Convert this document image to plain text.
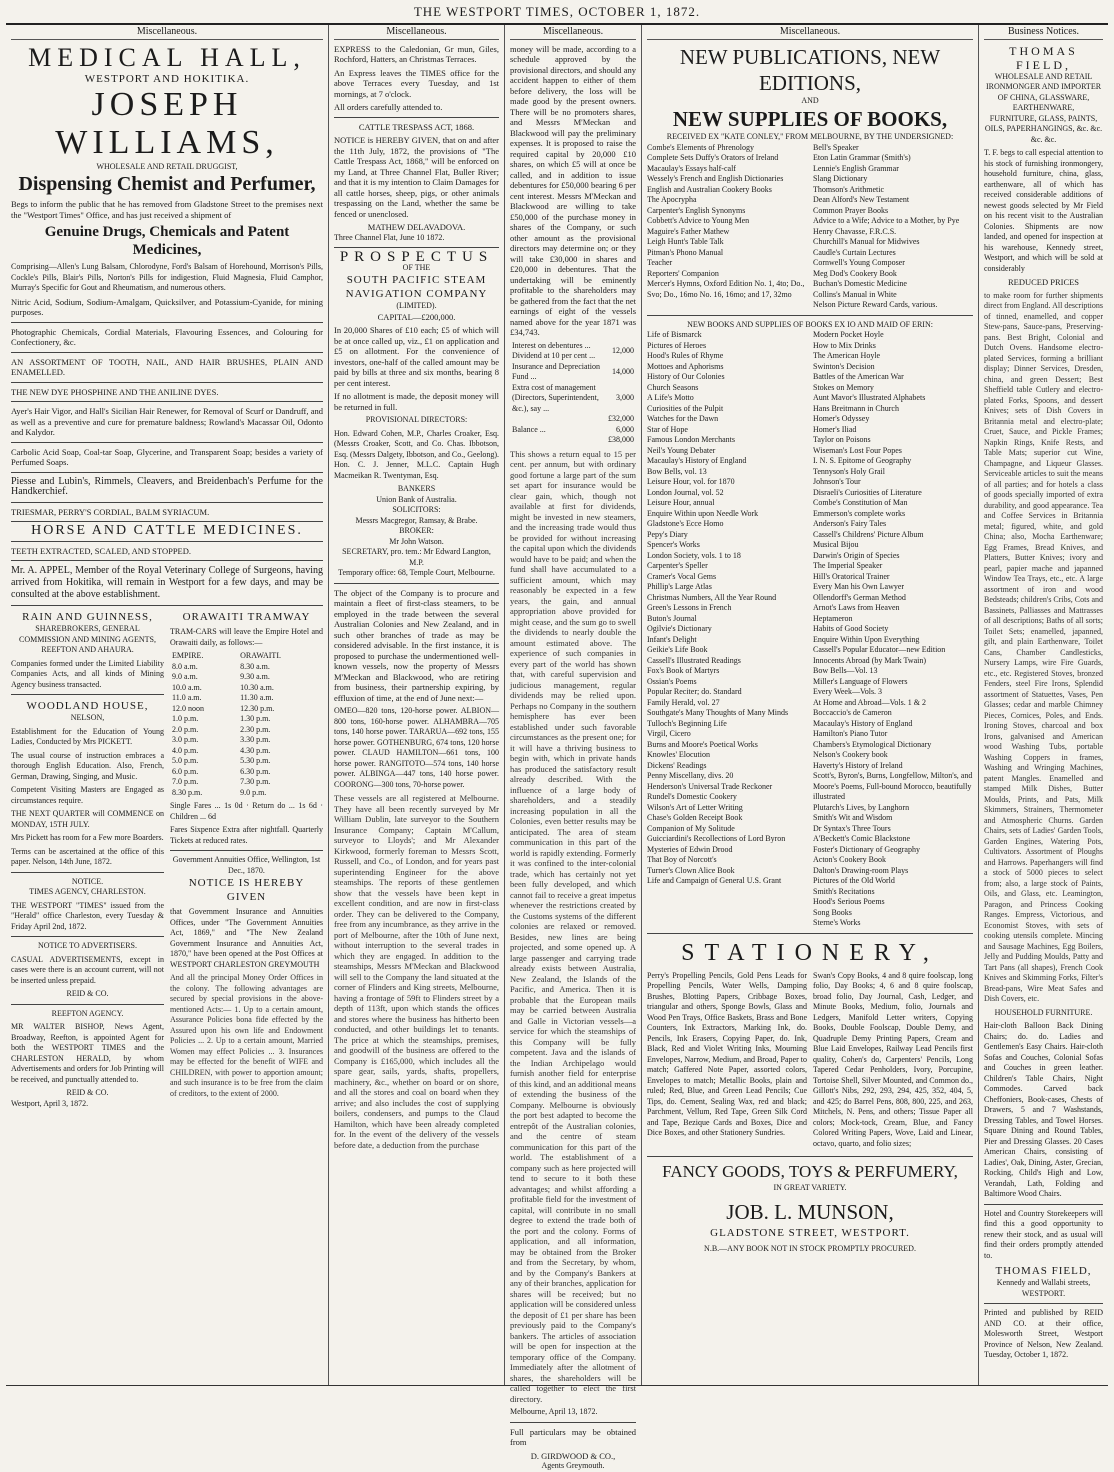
THE WESTPORT TIMES, OCTOBER 1, 1872.
Miscellaneous.
MEDICAL HALL,
WESTPORT AND HOKITIKA.
JOSEPH WILLIAMS,
WHOLESALE AND RETAIL DRUGGIST,
Dispensing Chemist and Perfumer,
Begs to inform the public that he has removed from Gladstone Street to the premises next the "Westport Times" Office, and has just received a shipment of
Genuine Drugs, Chemicals and Patent Medicines,
Comprising—Allen's Lung Balsam, Chlorodyne, Ford's Balsam of Horehound, Morrison's Pills, Cockle's Pills, Blair's Pills, Norton's Pills for indigestion, Fluid Magnesia, Fluid Camphor, Murray's Specific for Gout and Rheumatism, and numerous others.
Nitric Acid, Sodium, Sodium-Amalgam, Quicksilver, and Potassium-Cyanide, for mining purposes.
Photographic Chemicals, Cordial Materials, Flavouring Essences, and Colouring for Confectionery, &c.
AN ASSORTMENT OF TOOTH, NAIL, AND HAIR BRUSHES, PLAIN AND ENAMELLED.
THE NEW DYE PHOSPHINE AND THE ANILINE DYES.
Ayer's Hair Vigor, and Hall's Sicilian Hair Renewer, for Removal of Scurf or Dandruff, and as well as a preventive and cure for premature baldness; Rowland's Macassar Oil, Odonto and Kalydor.
Carbolic Acid Soap, Coal-tar Soap, Glycerine, and Transparent Soap; besides a variety of Perfumed Soaps.
Piesse and Lubin's, Rimmels, Cleavers, and Breidenbach's Perfume for the Handkerchief.
TRIESMAR, PERRY'S CORDIAL, BALM SYRIACUM.
HORSE AND CATTLE MEDICINES.
TEETH EXTRACTED, SCALED, AND STOPPED.
Mr. A. APPEL, Member of the Royal Veterinary College of Surgeons, having arrived from Hokitika, will remain in Westport for a few days, and may be consulted at the above establishment.
RAIN AND GUINNESS,
SHAREBROKERS, GENERAL COMMISSION AND MINING AGENTS,
REEFTON AND AHAURA.
Companies formed under the Limited Liability Companies Acts, and all kinds of Mining Agency business transacted.
WOODLAND HOUSE,
NELSON,
Establishment for the Education of Young Ladies, Conducted by Mrs PICKETT.
The usual course of instruction embraces a thorough English Education. Also, French, German, Drawing, Singing, and Music.
Competent Visiting Masters are Engaged as circumstances require.
THE NEXT QUARTER will COMMENCE on MONDAY, 15TH JULY.
Mrs Pickett has room for a Few more Boarders.
Terms can be ascertained at the office of this paper. Nelson, 14th June, 1872.
NOTICE.
TIMES AGENCY, CHARLESTON.
THE WESTPORT "TIMES" issued from the "Herald" office Charleston, every Tuesday & Friday April 2nd, 1872.
NOTICE TO ADVERTISERS.
CASUAL ADVERTISEMENTS, except in cases were there is an account current, will not be inserted unless prepaid.
REID & CO.
REEFTON AGENCY.
MR WALTER BISHOP, News Agent, Broadway, Reefton, is appointed Agent for both the WESTPORT TIMES and the CHARLESTON HERALD, by whom Advertisements and orders for Job Printing will be received, and punctually attended to.
REID & CO.
Westport, April 3, 1872.
ORAWAITI TRAMWAY
TRAM-CARS will leave the Empire Hotel and Orawaiti daily, as follows:—
EMPIRE.	ORAWAITI.
8.0 a.m.	8.30 a.m.
9.0 a.m.	9.30 a.m.
10.0 a.m.	10.30 a.m.
11.0 a.m.	11.30 a.m.
12.0 noon	12.30 p.m.
1.0 p.m.	1.30 p.m.
2.0 p.m.	2.30 p.m.
3.0 p.m.	3.30 p.m.
4.0 p.m.	4.30 p.m.
5.0 p.m.	5.30 p.m.
6.0 p.m.	6.30 p.m.
7.0 p.m.	7.30 p.m.
8.30 p.m.	9.0 p.m.
Single Fares ... 1s 0d · Return do ... 1s 6d · Children ... 6d
Fares Sixpence Extra after nightfall. Quarterly Tickets at reduced rates.
Government Annuities Office, Wellington, 1st Dec., 1870.
NOTICE IS HEREBY GIVEN
that Government Insurance and Annuities Offices, under "The Government Annuities Act, 1869," and "The New Zealand Government Insurance and Annuities Act, 1870," have been opened at the Post Offices at WESTPORT CHARLESTON GREYMOUTH
And all the principal Money Order Offices in the colony. The following advantages are secured by special provisions in the above-mentioned Acts:— 1. Up to a certain amount, Assurance Policies bona fide effected by the Assured upon his own life and Endowment Policies ... 2. Up to a certain amount, Married Women may effect Policies ... 3. Insurances may be effected for the benefit of WIFE and CHILDREN, with power to apportion amount; and such insurance is to be free from the claim of creditors, to the extent of 2000.
Miscellaneous.
EXPRESS to the Caledonian, Gr mun, Giles, Rochford, Hatters, an Christmas Terraces.
An Express leaves the TIMES office for the above Terraces every Tuesday, and 1st mornings, at 7 o'clock.
All orders carefully attended to.
CATTLE TRESPASS ACT, 1868.
NOTICE is HEREBY GIVEN, that on and after the 11th July, 1872, the provisions of "The Cattle Trespass Act, 1868," will be enforced on my Land, at Three Channel Flat, Buller River; and that it is my intention to Claim Damages for all cattle horses, sheep, pigs, or other animals trespassing on the Land, whether the same be fenced or unenclosed.
MATHEW DELAVADOVA.
Three Channel Flat, June 10 1872.
PROSPECTUS
OF THE
SOUTH PACIFIC STEAM NAVIGATION COMPANY
(LIMITED).
CAPITAL—£200,000.
In 20,000 Shares of £10 each; £5 of which will be at once called up, viz., £1 on application and £5 on allotment. For the convenience of investors, one-half of the called amount may be paid by bills at three and six months, bearing 8 per cent interest.
If no allotment is made, the deposit money will be returned in full.
PROVISIONAL DIRECTORS:
Hon. Edward Cohen, M.P., Charles Croaker, Esq. (Messrs Croaker, Scott, and Co. Chas. Ibbotson, Esq. (Messrs Dalgety, Ibbotson, and Co., Geelong). Hon. C. J. Jenner, M.L.C. Captain Hugh Macmeikan R. Twentyman, Esq.
BANKERS
Union Bank of Australia.
SOLICITORS:
Messrs Macgregor, Ramsay, & Brabe.
BROKER:
Mr John Watson.
SECRETARY, pro. tem.: Mr Edward Langton, M.P.
Temporary office: 68, Temple Court, Melbourne.
The object of the Company is to procure and maintain a fleet of first-class steamers, to be employed in the trade between the several Australian Colonies and New Zealand, and in such other branches of trade as may be considered advisable. In the first instance, it is proposed to purchase the undermentioned well-known vessels, now the property of Messrs M'Meckan and Blackwood, who are retiring from business, their partnership expiring, by effluxion of time, at the end of June next:—
OMEO—820 tons, 120-horse power. ALBION—800 tons, 160-horse power. ALHAMBRA—705 tons, 140 horse power. TARARUA—692 tons, 155 horse power. GOTHENBURG, 674 tons, 120 horse power. CLAUD HAMILTON—661 tons, 100 horse power. RANGITOTO—574 tons, 140 horse power. ALBINGA—447 tons, 140 horse power. COORONG—300 tons, 70-horse power.
These vessels are all registered at Melbourne. They have all been recently surveyed by Mr William Dublin, late surveyor to the Southern Insurance Company; Captain M'Callum, surveyor to Lloyds'; and Mr Alexander Kirkwood, formerly foreman to Messrs Scott, Russell, and Co., of London, and for years past superintending Engineer for the above steamships. The reports of these gentlemen show that the vessels have been kept in excellent condition, and are now in first-class order. They can be delivered to the Company, free from any incumbrance, as they arrive in the port of Melbourne, after the 10th of June next, without interruption to the several trades in which they are engaged. In addition to the steamships, Messrs M'Meckan and Blackwood will sell to the Company the land situated at the corner of Flinders and King streets, Melbourne, having a frontage of 59ft to Flinders street by a depth of 113ft, upon which stands the offices and stores where the business has hitherto been conducted, and other buildings let to tenants. The price at which the steamships, premises, and goodwill of the business are offered to the Company is £165,000, which includes all the spare gear, sails, yards, shafts, propellers, machinery, &c., whether on board or on shore, and all the stores and coal on board when they arrive; and also includes the cost of supplying boilers, condensers, and pumps to the Claud Hamilton, which have been already completed for. In the event of the delivery of the vessels before date, a deduction from the purchase
Miscellaneous.
money will be made, according to a schedule approved by the provisional directors, and should any accident happen to either of them before delivery, the loss will be made good by the present owners. There will be no promoters shares, and Messrs M'Meckan and Blackwood will pay the preliminary expenses. It is proposed to raise the required capital by 20,000 £10 shares, on which £5 will at once be called, and in addition to issue debentures for £50,000 bearing 6 per cent interest. Messrs M'Meckan and Blackwood are willing to take £50,000 of the purchase money in shares of the Company, or such other amount as the provisional directors may determine on; or they will take £30,000 in shares and £20,000 in debentures. That the undertaking will be eminently profitable to the shareholders may be gathered from the fact that the net earnings of eight of the vessels named above for the year 1871 was £34,743.
Interest on debentures ... Dividend at 10 per cent ...	12,000
Insurance and Depreciation Fund ...	14,000
Extra cost of management (Directors, Superintendent, &c.), say ...	3,000
	£32,000
Balance ...	6,000
	£38,000
This shows a return equal to 15 per cent. per annum, but with ordinary good fortune a large part of the sum set apart for insurance would be clear gain, which, though not available at first for dividends, might be invested in new steamers, and the increasing trade would thus be provided for without increasing the capital upon which the dividends would have to be paid; and when the fund shall have accumulated to a sufficient amount, which may reasonably be expected in a few years, the gain, and annual appropriation above provided for might cease, and the sum go to swell the dividends to nearly double the amount estimated above. The experience of such companies in every part of the world has shown that, with careful supervision and judicious management, regular dividends may be relied upon. Perhaps no Company in the southern hemisphere has ever been established under such favorable circumstances as the present one; for it will have a thriving business to begin with, which in private hands has produced the satisfactory result already described. With the influence of a large body of shareholders, and a steadily increasing population in all the Colonies, even better results may be anticipated. The area of steam communication in this part of the world is rapidly extending. Formerly it was confined to the inter-colonial trade, which has certainly not yet been fully developed, and which cannot fail to receive a great impetus whenever the restrictions created by the Customs systems of the different colonies are relaxed or removed. Besides, new lines are being projected, and some opened up. A large passenger and carrying trade already exists between Australia, New Zealand, the Islands of the Pacific, and America. Then it is probable that the European mails may be carried between Australia and Galle in Victorian vessels—a service for which the steamships of this Company will be fully competent. Java and the islands of the Indian Archipelago would furnish another field for enterprise of this kind, and an additional means of extending the business of the Company. Melbourne is obviously the port best adapted to become the entrepôt of the Australian colonies, and the centre of steam communication for this part of the world. The establishment of a company such as here projected will tend to secure to it both these advantages; and whilst affording a profitable field for the investment of capital, will contribute in no small degree to extend the trade both of the port and the colony. Forms of application, and all information, may be obtained from the Broker and from the Secretary, by whom, and by the Company's Bankers at any of their branches, application for shares will be received; but no application will be considered unless the deposit of £1 per share has been previously paid to the Company's bankers. The articles of association will be open for inspection at the temporary office of the Company. Immediately after the allotment of shares, the shareholders will be called together to elect the first directory.
Melbourne, April 13, 1872.
Full particulars may be obtained from
D. GIRDWOOD & CO.,
Agents Greymouth.
Miscellaneous.
NEW PUBLICATIONS, NEW EDITIONS,
AND
NEW SUPPLIES OF BOOKS,
RECEIVED EX "KATE CONLEY," FROM MELBOURNE, BY THE UNDERSIGNED:
Combe's Elements of Phrenology
Complete Sets Duffy's Orators of Ireland
Macaulay's Essays half-calf
Wessely's French and English Dictionaries
English and Australian Cookery Books
The Apocrypha
Carpenter's English Synonyms
Cobbett's Advice to Young Men
Maguire's Father Mathew
Leigh Hunt's Table Talk
Pitman's Phono Manual
Teacher
Reporters' Companion
Mercer's Hymns, Oxford Edition No. 1, 4to; Do., Svo; Do., 16mo No. 16, 16mo; and 17, 32mo
Bell's Speaker
Eton Latin Grammar (Smith's)
Lennie's English Grammar
Slang Dictionary
Thomson's Arithmetic
Dean Alford's New Testament
Common Prayer Books
Advice to a Wife; Advice to a Mother, by Pye Henry Chavasse, F.R.C.S.
Churchill's Manual for Midwives
Caudle's Curtain Lectures
Cornwell's Young Composer
Meg Dod's Cookery Book
Buchan's Domestic Medicine
Collins's Manual in White
Nelson Picture Reward Cards, various.
NEW BOOKS AND SUPPLIES OF BOOKS EX IO AND MAID OF ERIN:
Life of Bismarck
Pictures of Heroes
Hood's Rules of Rhyme
Mottoes and Aphorisms
History of Our Colonies
Church Seasons
A Life's Motto
Curiosities of the Pulpit
Watches for the Dawn
Star of Hope
Famous London Merchants
Neil's Young Debater
Macaulay's History of England
Bow Bells, vol. 13
Leisure Hour, vol. for 1870
London Journal, vol. 52
Leisure Hour, annual
Enquire Within upon Needle Work
Gladstone's Ecce Homo
Pepy's Diary
Spencer's Works
London Society, vols. 1 to 18
Carpenter's Speller
Cramer's Vocal Gems
Phillip's Large Atlas
Christmas Numbers, All the Year Round
Green's Lessons in French
Buton's Journal
Ogilvie's Dictionary
Infant's Delight
Geikie's Life Book
Cassell's Illustrated Readings
Fox's Book of Martyrs
Ossian's Poems
Popular Reciter; do. Standard
Family Herald, vol. 27
Southgate's Many Thoughts of Many Minds
Tulloch's Beginning Life
Virgil, Cicero
Burns and Moore's Poetical Works
Knowles' Elocution
Dickens' Readings
Penny Miscellany, divs. 20
Henderson's Universal Trade Reckoner
Rundel's Domestic Cookery
Wilson's Art of Letter Writing
Chase's Golden Receipt Book
Companion of My Solitude
Guicciardini's Recollections of Lord Byron
Mysteries of Edwin Drood
That Boy of Norcott's
Turner's Clown Alice Book
Life and Campaign of General U.S. Grant
Modern Pocket Hoyle
How to Mix Drinks
The American Hoyle
Swinton's Decision
Battles of the American War
Stokes on Memory
Aunt Mavor's Illustrated Alphabets
Hans Breitmann in Church
Homer's Odyssey
Homer's Iliad
Taylor on Poisons
Wiseman's Lost Four Popes
I. N. S. Epitome of Geography
Tennyson's Holy Grail
Johnson's Tour
Disraeli's Curiosities of Literature
Combe's Constitution of Man
Emmerson's complete works
Anderson's Fairy Tales
Cassell's Childrens' Picture Album
Musical Bijou
Darwin's Origin of Species
The Imperial Speaker
Hill's Oratorical Trainer
Every Man his Own Lawyer
Ollendorff's German Method
Arnot's Laws from Heaven
Heptameron
Habits of Good Society
Enquire Within Upon Everything
Cassell's Popular Educator—new Edition
Innocents Abroad (by Mark Twain)
Bow Bells—Vol. 13
Miller's Language of Flowers
Every Week—Vols. 3
At Home and Abroad—Vols. 1 & 2
Boccaccio's de Cameron
Macaulay's History of England
Hamilton's Piano Tutor
Chambers's Etymological Dictionary
Nelson's Cookery book
Haverty's History of Ireland
Scott's, Byron's, Burns, Longfellow, Milton's, and Moore's Poems, Full-bound Morocco, beautifully illustrated
Plutarch's Lives, by Langhorn
Smith's Wit and Wisdom
Dr Syntax's Three Tours
A'Beckett's Comic Blackstone
Foster's Dictionary of Geography
Acton's Cookery Book
Dalton's Drawing-room Plays
Pictures of the Old World
Smith's Recitations
Hood's Serious Poems
Song Books
Sterne's Works
STATIONERY,
Perry's Propelling Pencils, Gold Pens Leads for Propelling Pencils, Water Wells, Damping Brushes, Blotting Papers, Cribbage Boxes, triangular and others, Sponge Bowls, Glass and Wood Pen Trays, Office Baskets, Brass and Bone Counters, Ink Extractors, Marking Ink, do. Pencils, Ink Erasers, Copying Paper, do. Ink, Black, Red and Violet Writing Inks, Mourning Envelopes, Narrow, Medium, and Broad, Paper to match; Gaffered Note Paper, assorted colors, Envelopes to match; Metallic Books, plain and ruled; Red, Blue, and Green Lead Pencils; Cue Tips, do. Cement, Sealing Wax, red and black; Parchment, Vellum, Red Tape, Green Silk Cord and Tape, Bezique Cards and Boxes, Dice and Dice Boxes, and other Stationery Sundries.
Swan's Copy Books, 4 and 8 quire foolscap, long folio, Day Books; 4, 6 and 8 quire foolscap, broad folio, Day Journal, Cash, Ledger, and Minute Books, Medium, folio, Journals and Ledgers, Manifold Letter writers, Copying Books, Double Foolscap, Double Demy, and Quadruple Demy Printing Papers, Cream and Blue Laid Envelopes, Railway Lead Pencils first quality, Cohen's do, Carpenters' Pencils, Long Tapered Cedar Penholders, Ivory, Porcupine, Tortoise Shell, Silver Mounted, and Common do., Gillott's Nibs, 292, 293, 294, 425, 352, 404, 5, and 425; do Barrel Pens, 808, 800, 225, and 263, Mitchels, N. Pens, and others; Tissue Paper all colors; Mock-tock, Cream, Blue, and Fancy Colored Writing Papers, Wove, Laid and Linear, octavo, quarto, and folio sizes;
FANCY GOODS, TOYS & PERFUMERY,
IN GREAT VARIETY.
JOB. L. MUNSON,
GLADSTONE STREET, WESTPORT.
N.B.—ANY BOOK NOT IN STOCK PROMPTLY PROCURED.
Business Notices.
THOMAS FIELD,
WHOLESALE AND RETAIL
IRONMONGER AND IMPORTER
OF CHINA, GLASSWARE, EARTHENWARE,
FURNITURE, GLASS, PAINTS, OILS, PAPERHANGINGS, &c. &c. &c. &c.
T. F. begs to call especial attention to his stock of furnishing ironmongery, household furniture, china, glass, earthenware, all of which has received considerable additions of newest goods selected by Mr Field on his recent visit to the Australian Colonies. Shipments are now landed, and opened for inspection at his warehouse, Kennedy street, Westport, and which will be sold at considerably
REDUCED PRICES
to make room for further shipments direct from England. All descriptions of tinned, enamelled, and copper Stew-pans, Sauce-pans, Preserving-pans. Best Bright, Colonial and Dutch Ovens. Handsome electro-plated Services, forming a brilliant display; Dinner Services, Dresden, china, and green Dessert; Best Sheffield table Cutlery and electro-plated Forks, Spoons, and dessert Knives; sets of Dish Covers in Britannia metal and electro-plate; Cruet, Sauce, and Pickle Frames; Napkin Rings, Knife Rests, and Table Mats; superior cut Wine, Champagne, and Liqueur Glasses. Serviceable articles to suit the means of all parties; and for hotels a class of goods specially imported of extra durability, and good appearance. Tea and Coffee Services in Britannia metal; figured, white, and gold China; also, Mocha Earthenware; Egg Frames, Bread Knives, and Platters, Butter Knives; ivory and pearl, papier mache and japanned Window Tea Trays, etc., etc. A large assortment of iron and wood Bedsteads; children's Cribs, Cots and Bassinets, Palliasses and Mattrasses of all descriptions; Baths of all sorts; Toilet Sets; enamelled, japanned, gilt, and plain Earthenware, Toilet Cans, Chamber Candlesticks, Nursery Lamps, wire Fire Guards, etc., etc. Registered Stoves, bronzed Fenders, steel Fire Irons, Splendid assortment of Statuettes, Vases, Pen Glasses; cedar and marble Chimney Pieces, Cornices, Poles, and Ends. Ironing Stoves, charcoal and box Irons, galvanised and American wood Washing Tubs, portable Washing Coppers in frames, Washing and Wringing Machines, patent Mangles. Enamelled and stamped Milk Dishes, Butter Moulds, Prints, and Pats, Milk Skimmers, Strainers, Thermometer and Atmospheric Churns. Garden Chairs, sets of Ladies' Garden Tools, Garden Engines, Watering Pots, Cultivators. Assortment of Ploughs and Harrows. Paperhangers will find a stock of 5000 pieces to select from; also, a large stock of Paints, Oils, and Glass, etc. Leamington, Paragon, and Princess Cooking Ranges. Empress, Victorious, and Economist Stoves, with sets of cooking utensils complete. Mincing and Sausage Machines, Egg Boilers, Jelly and Pudding Moulds, Patty and Tart Pans (all shapes), French Cook Knives and Skimming Forks, Filter's Bread-pans, Wire Meat Safes and Dish Covers, etc.
HOUSEHOLD FURNITURE.
Hair-cloth Balloon Back Dining Chairs; do. do. Ladies and Gentlemen's Easy Chairs. Hair-cloth Sofas and Couches, Colonial Sofas and Couches in green leather. Children's Table Chairs, Night Commodes. Carved back Cheffoniers, Book-cases, Chests of Drawers, 5 and 7 Washstands, Dressing Tables, and Towel Horses. Square Dining and Round Tables, Pier and Dressing Glasses. 20 Cases American Chairs, consisting of Ladies', Oak, Dining, Aster, Grecian, Rocking, Child's High and Low, Verandah, Lath, Folding and Baltimore Wood Chairs.
Hotel and Country Storekeepers will find this a good opportunity to renew their stock, and as usual will find their orders promptly attended to.
THOMAS FIELD,
Kennedy and Wallabi streets,
WESTPORT.
Printed and published by REID AND CO. at their office, Molesworth Street, Westport Province of Nelson, New Zealand. Tuesday, October 1, 1872.
